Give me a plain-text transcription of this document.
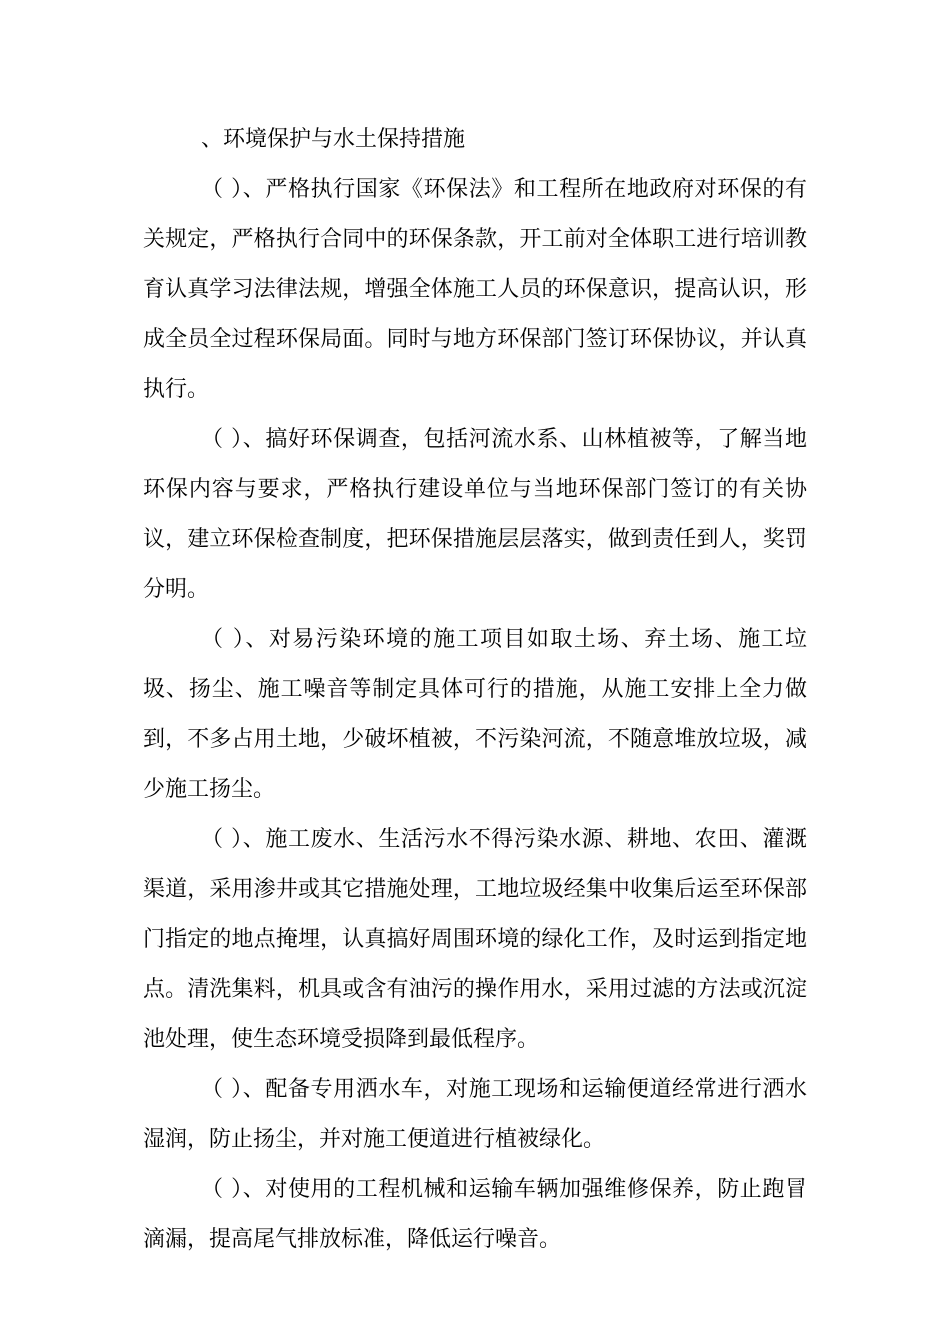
、环境保护与水土保持措施

（ ）、严格执行国家《环保法》和工程所在地政府对环保的有关规定，严格执行合同中的环保条款，开工前对全体职工进行培训教育认真学习法律法规，增强全体施工人员的环保意识，提高认识，形成全员全过程环保局面。同时与地方环保部门签订环保协议，并认真执行。

（ ）、搞好环保调查，包括河流水系、山林植被等，了解当地环保内容与要求，严格执行建设单位与当地环保部门签订的有关协议，建立环保检查制度，把环保措施层层落实，做到责任到人，奖罚分明。

（ ）、对易污染环境的施工项目如取土场、弃土场、施工垃圾、扬尘、施工噪音等制定具体可行的措施，从施工安排上全力做到，不多占用土地，少破坏植被，不污染河流，不随意堆放垃圾，减少施工扬尘。

（ ）、施工废水、生活污水不得污染水源、耕地、农田、灌溉渠道，采用渗井或其它措施处理，工地垃圾经集中收集后运至环保部门指定的地点掩埋，认真搞好周围环境的绿化工作，及时运到指定地点。清洗集料，机具或含有油污的操作用水，采用过滤的方法或沉淀池处理，使生态环境受损降到最低程序。

（ ）、配备专用洒水车，对施工现场和运输便道经常进行洒水湿润，防止扬尘，并对施工便道进行植被绿化。

（ ）、对使用的工程机械和运输车辆加强维修保养，防止跑冒滴漏，提高尾气排放标准，降低运行噪音。
